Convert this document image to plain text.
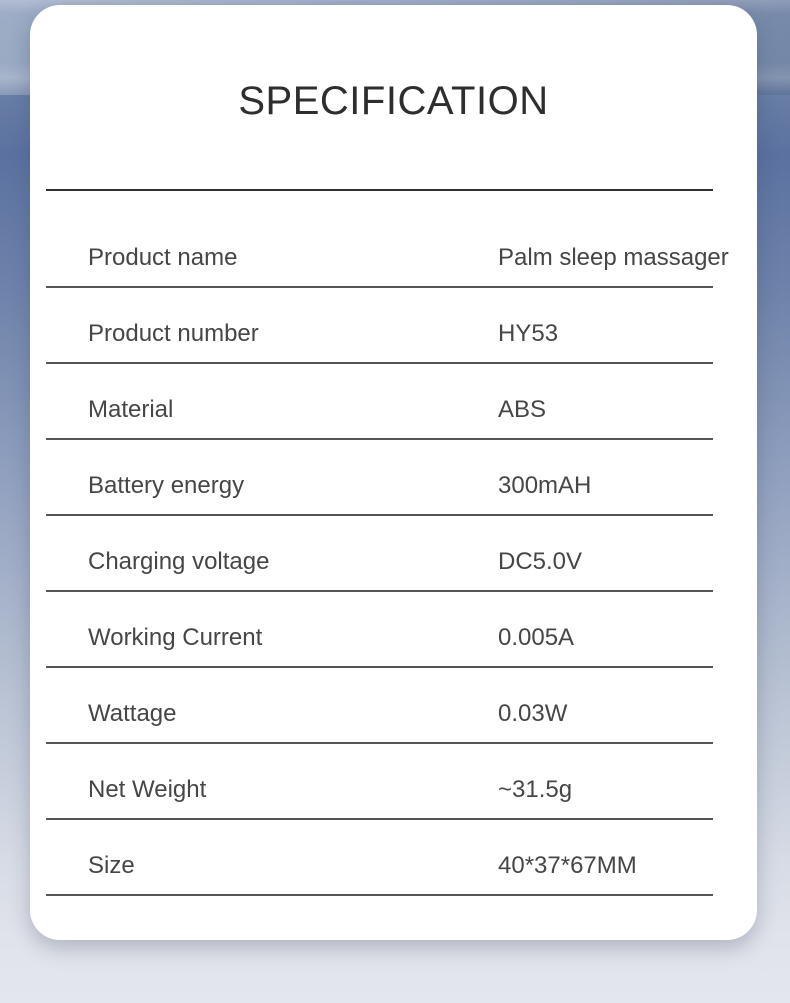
SPECIFICATION
Product name	Palm sleep massager
Product number	HY53
Material	ABS
Battery energy	300mAH
Charging voltage	DC5.0V
Working Current	0.005A
Wattage	0.03W
Net Weight	~31.5g
Size	40*37*67MM
